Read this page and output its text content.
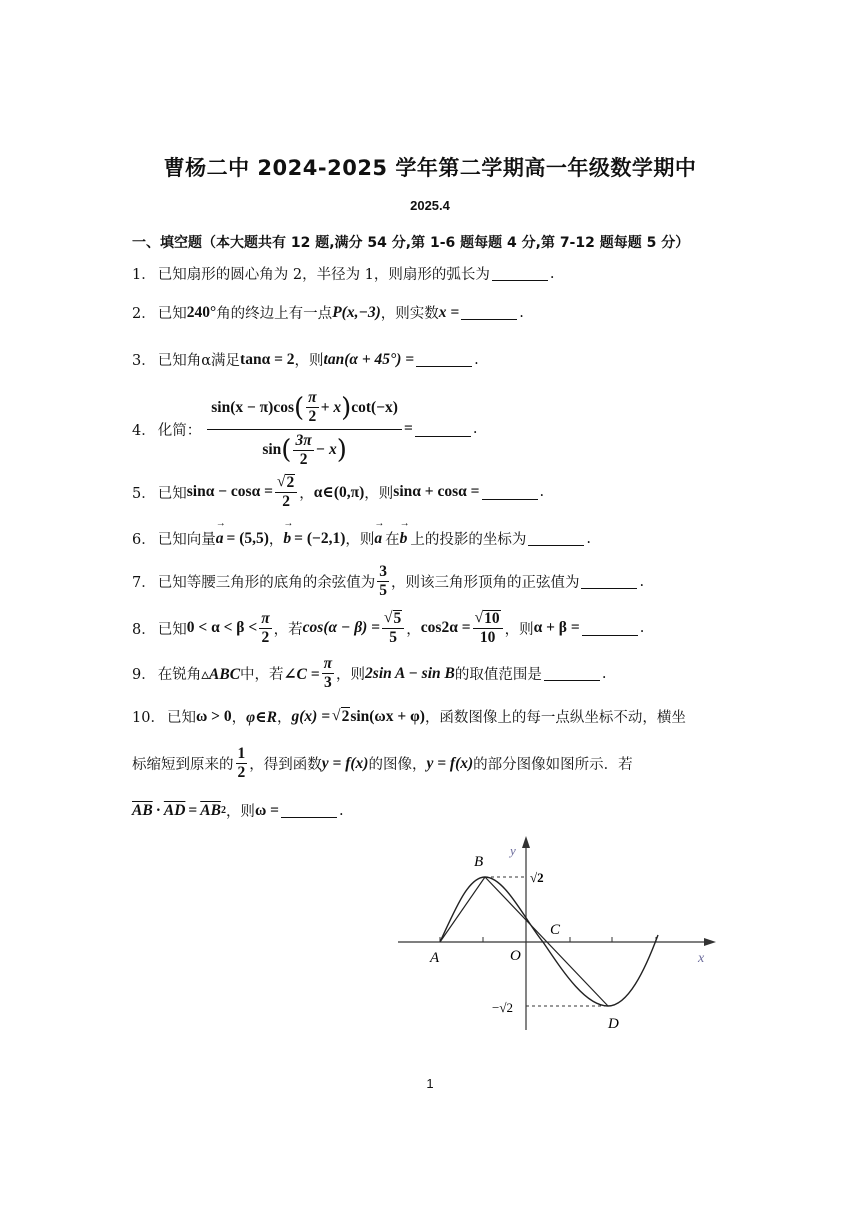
曹杨二中 2024-2025 学年第二学期高一年级数学期中
2025.4
一、填空题（本大题共有 12 题,满分 54 分,第 1-6 题每题 4 分,第 7-12 题每题 5 分）
1． 已知扇形的圆心角为 2，半径为 1，则扇形的弧长为	.
2． 已知 240° 角的终边上有一点 P(x,−3) ，则实数 x =	.
3． 已知角α满足 tanα = 2 ，则 tan(α + 45°) =	.
4． 化简：
sin(x − π)cos ( $\frac{\pi}{2} + x$ ) cot(−x)
sin ( $\frac{3\pi}{2} - x$ )
=	.
5． 已知 $\sin\alpha - \cos\alpha = \frac{√ 2}{2}$ ， α∈(0,π) ，则 sinα + cosα =	.
6． 已知向量 → a = (5,5) ， → b = (−2,1) ，则 → a 在 → b 上的投影的坐标为	.
7． 已知等腰三角形的底角的余弦值为 $\frac{3}{5}$ ，则该三角形顶角的正弦值为	.
8． 已知 $0 < \alpha < \beta < \frac{\pi}{2}$ ，若 $\cos(\alpha - \beta) = \frac{√ 5}{5}$ ， $\cos 2\alpha = \frac{√ 10}{10}$ ，则 α + β =	.
9． 在锐角 ▵ABC 中，若 ∠C = $\frac{\pi}{3}$ ，则 2sin A − sin B 的取值范围是	.
10． 已知 ω > 0 ， φ∈R ， g(x) = √ 2 sin(ωx + φ) ，函数图像上的每一点纵坐标不动，横坐
标缩短到原来的 $\frac{1}{2}$ ，得到函数 y = f(x) 的图像， y = f(x) 的部分图像如图所示．若
$\overline{AB} \cdot \overline{AD} = \overline{AB}$ 2 ，则 ω =	.
B
y
√2
C
A	O	x
−√2
D
1
